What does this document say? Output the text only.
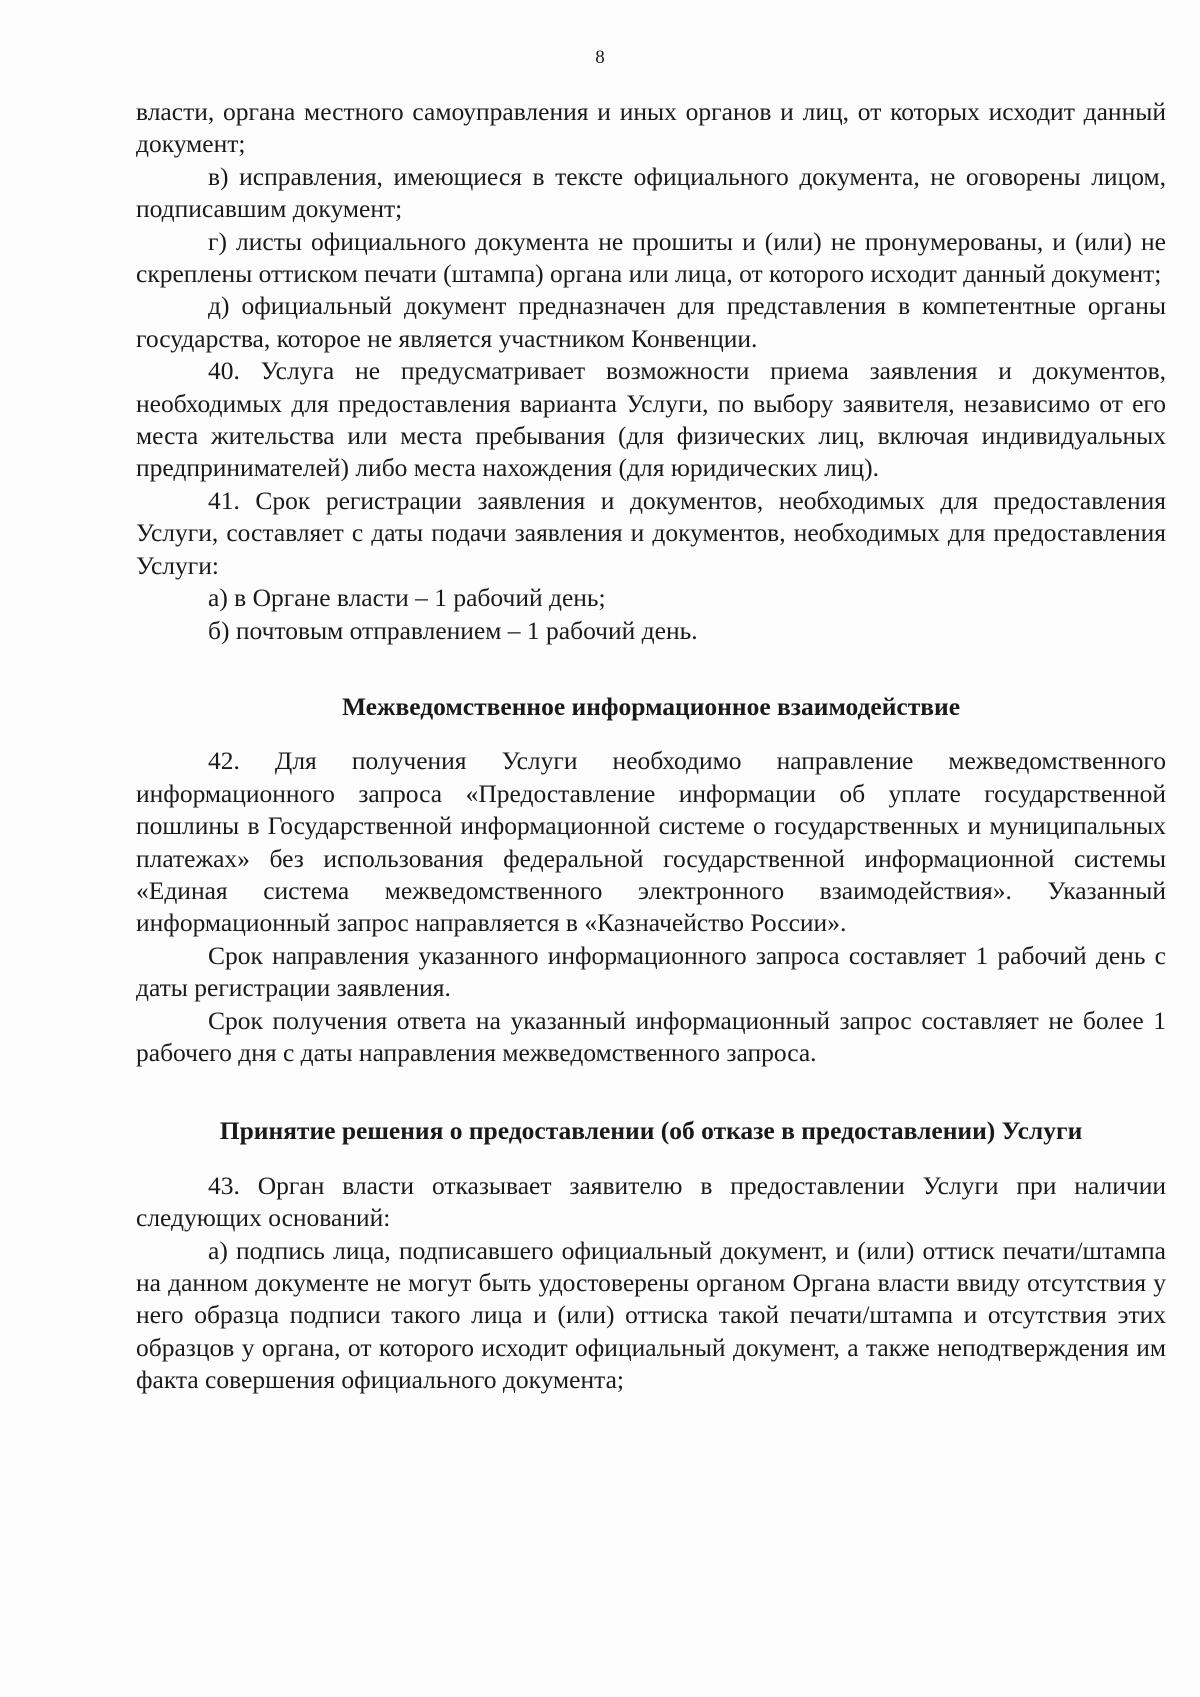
8

власти, органа местного самоуправления и иных органов и лиц, от которых исходит данный документ;

в) исправления, имеющиеся в тексте официального документа, не оговорены лицом, подписавшим документ;

г) листы официального документа не прошиты и (или) не пронумерованы, и (или) не скреплены оттиском печати (штампа) органа или лица, от которого исходит данный документ;

д) официальный документ предназначен для представления в компетентные органы государства, которое не является участником Конвенции.

40. Услуга не предусматривает возможности приема заявления и документов, необходимых для предоставления варианта Услуги, по выбору заявителя, независимо от его места жительства или места пребывания (для физических лиц, включая индивидуальных предпринимателей) либо места нахождения (для юридических лиц).

41. Срок регистрации заявления и документов, необходимых для предоставления Услуги, составляет с даты подачи заявления и документов, необходимых для предоставления Услуги:

а) в Органе власти – 1 рабочий день;

б) почтовым отправлением – 1 рабочий день.

Межведомственное информационное взаимодействие

42. Для получения Услуги необходимо направление межведомственного информационного запроса «Предоставление информации об уплате государственной пошлины в Государственной информационной системе о государственных и муниципальных платежах» без использования федеральной государственной информационной системы «Единая система межведомственного электронного взаимодействия». Указанный информационный запрос направляется в «Казначейство России».

Срок направления указанного информационного запроса составляет 1 рабочий день с даты регистрации заявления.

Срок получения ответа на указанный информационный запрос составляет не более 1 рабочего дня с даты направления межведомственного запроса.

Принятие решения о предоставлении (об отказе в предоставлении) Услуги

43. Орган власти отказывает заявителю в предоставлении Услуги при наличии следующих оснований:

а) подпись лица, подписавшего официальный документ, и (или) оттиск печати/штампа на данном документе не могут быть удостоверены органом Органа власти ввиду отсутствия у него образца подписи такого лица и (или) оттиска такой печати/штампа и отсутствия этих образцов у органа, от которого исходит официальный документ, а также неподтверждения им факта совершения официального документа;
